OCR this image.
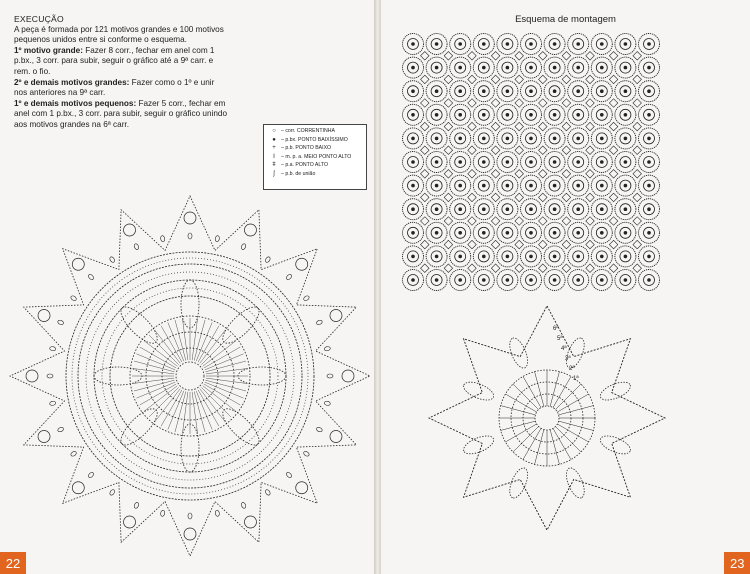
EXECUÇÃO

A peça é formada por 121 motivos grandes e 100 motivos pequenos unidos entre si conforme o esquema.

1º motivo grande: Fazer 8 corr., fechar em anel com 1 p.bx., 3 corr. para subir, seguir o gráfico até a 9ª carr. e rem. o fio.

2º e demais motivos grandes: Fazer como o 1º e unir nos anteriores na 9ª carr.

1º e demais motivos pequenos: Fazer 5 corr., fechar em anel com 1 p.bx., 3 corr. para subir, seguir o gráfico unindo aos motivos grandes na 6ª carr.

○ – corr. CORRENTINHA
● – p.bx. PONTO BAIXÍSSIMO
+	– p.b. PONTO BAIXO
Ⅰ	– m. p. a. MEIO PONTO ALTO
ǂ	– p.a. PONTO ALTO
ʃ	– p.b. de união
22
Esquema de montagem
6ª
5ª
4ª
3ª
2ª
1ª
23
